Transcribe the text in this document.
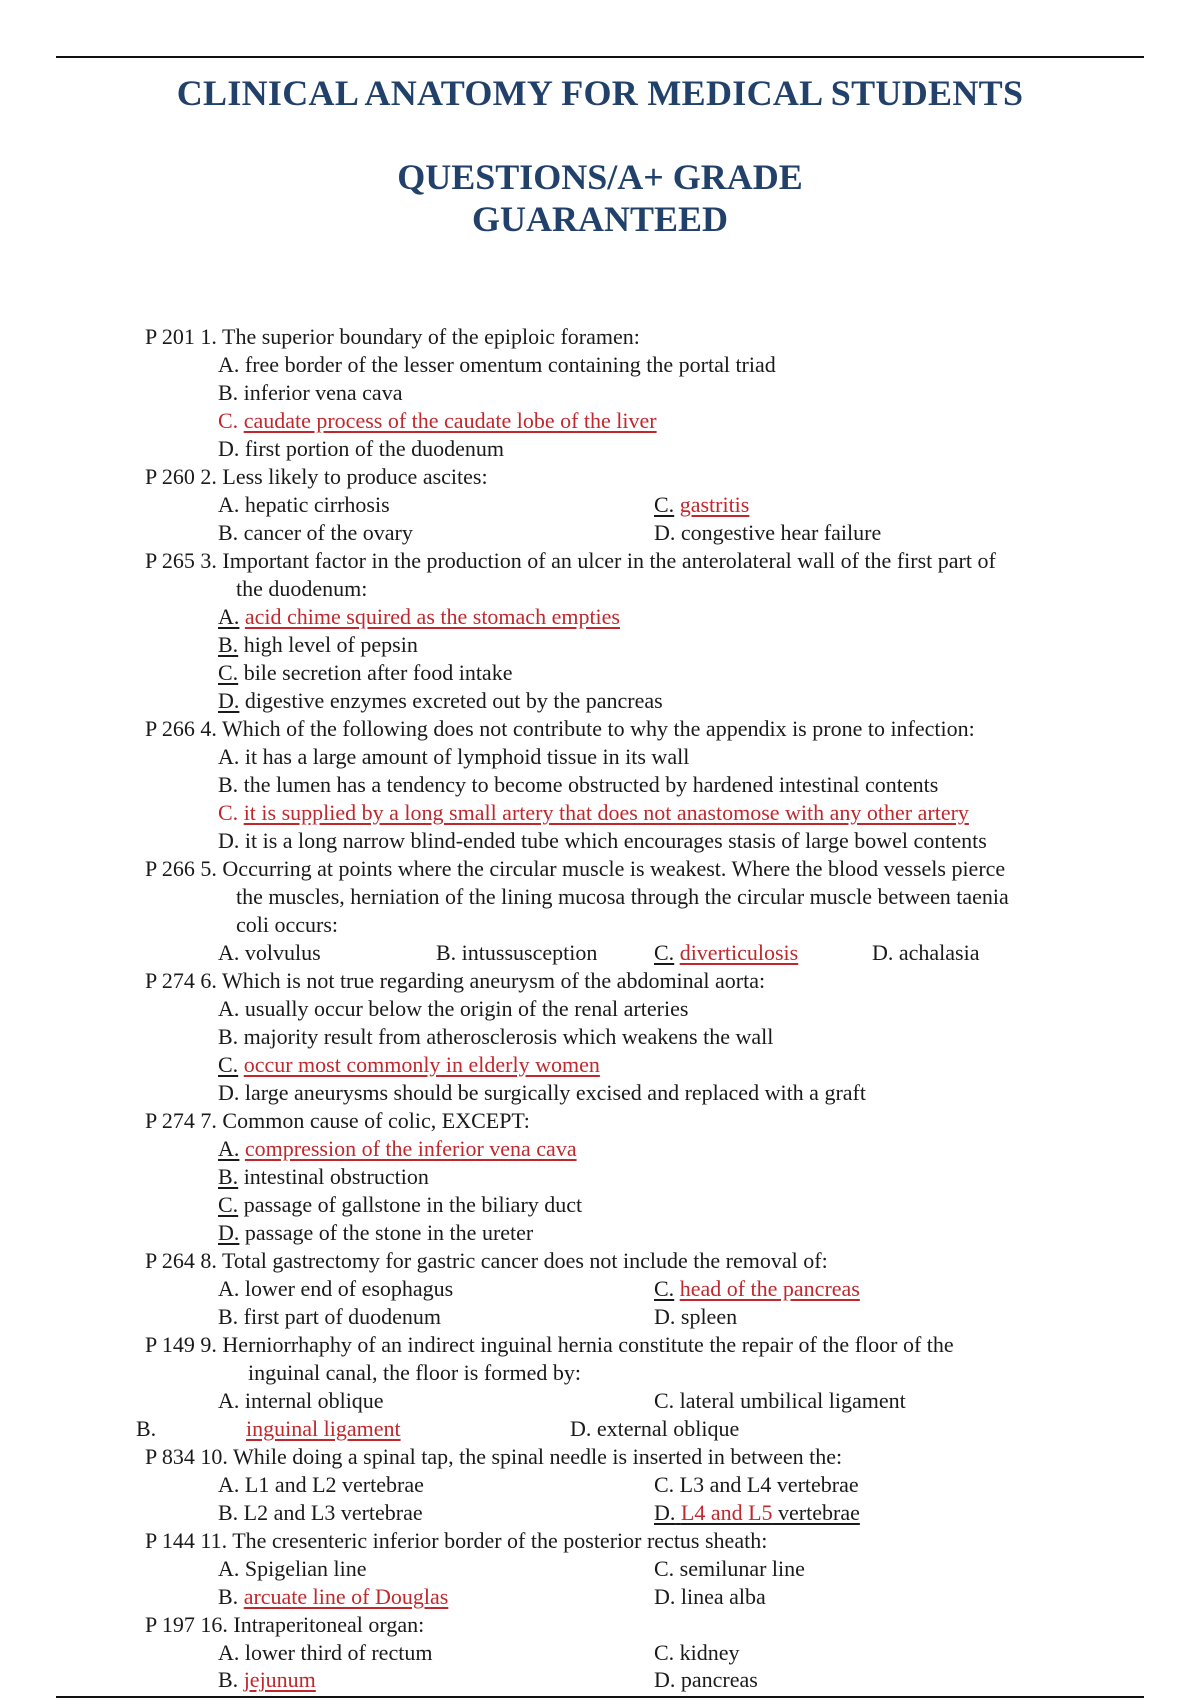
CLINICAL ANATOMY FOR MEDICAL STUDENTS
QUESTIONS/A+ GRADE
GUARANTEED
P 201 1. The superior boundary of the epiploic foramen:
A. free border of the lesser omentum containing the portal triad
B. inferior vena cava
C. caudate process of the caudate lobe of the liver
D. first portion of the duodenum
P 260 2. Less likely to produce ascites:
A. hepatic cirrhosis	C. gastritis
B. cancer of the ovary	D. congestive hear failure
P 265 3. Important factor in the production of an ulcer in the anterolateral wall of the first part of
the duodenum:
A. acid chime squired as the stomach empties
B. high level of pepsin
C. bile secretion after food intake
D. digestive enzymes excreted out by the pancreas
P 266 4. Which of the following does not contribute to why the appendix is prone to infection:
A. it has a large amount of lymphoid tissue in its wall
B. the lumen has a tendency to become obstructed by hardened intestinal contents
C. it is supplied by a long small artery that does not anastomose with any other artery
D. it is a long narrow blind-ended tube which encourages stasis of large bowel contents
P 266 5. Occurring at points where the circular muscle is weakest. Where the blood vessels pierce
the muscles, herniation of the lining mucosa through the circular muscle between taenia
coli occurs:
A. volvulus	B. intussusception	C. diverticulosis	D. achalasia
P 274 6. Which is not true regarding aneurysm of the abdominal aorta:
A. usually occur below the origin of the renal arteries
B. majority result from atherosclerosis which weakens the wall
C. occur most commonly in elderly women
D. large aneurysms should be surgically excised and replaced with a graft
P 274 7. Common cause of colic, EXCEPT:
A. compression of the inferior vena cava
B. intestinal obstruction
C. passage of gallstone in the biliary duct
D. passage of the stone in the ureter
P 264 8. Total gastrectomy for gastric cancer does not include the removal of:
A. lower end of esophagus	C. head of the pancreas
B. first part of duodenum	D. spleen
P 149 9. Herniorrhaphy of an indirect inguinal hernia constitute the repair of the floor of the
inguinal canal, the floor is formed by:
A. internal oblique	C. lateral umbilical ligament
B.	inguinal ligament	D. external oblique
P 834 10. While doing a spinal tap, the spinal needle is inserted in between the:
A. L1 and L2 vertebrae	C. L3 and L4 vertebrae
B. L2 and L3 vertebrae	D. L4 and L5 vertebrae
P 144 11. The cresenteric inferior border of the posterior rectus sheath:
A. Spigelian line	C. semilunar line
B. arcuate line of Douglas	D. linea alba
P 197 16. Intraperitoneal organ:
A. lower third of rectum	C. kidney
B. jejunum	D. pancreas
